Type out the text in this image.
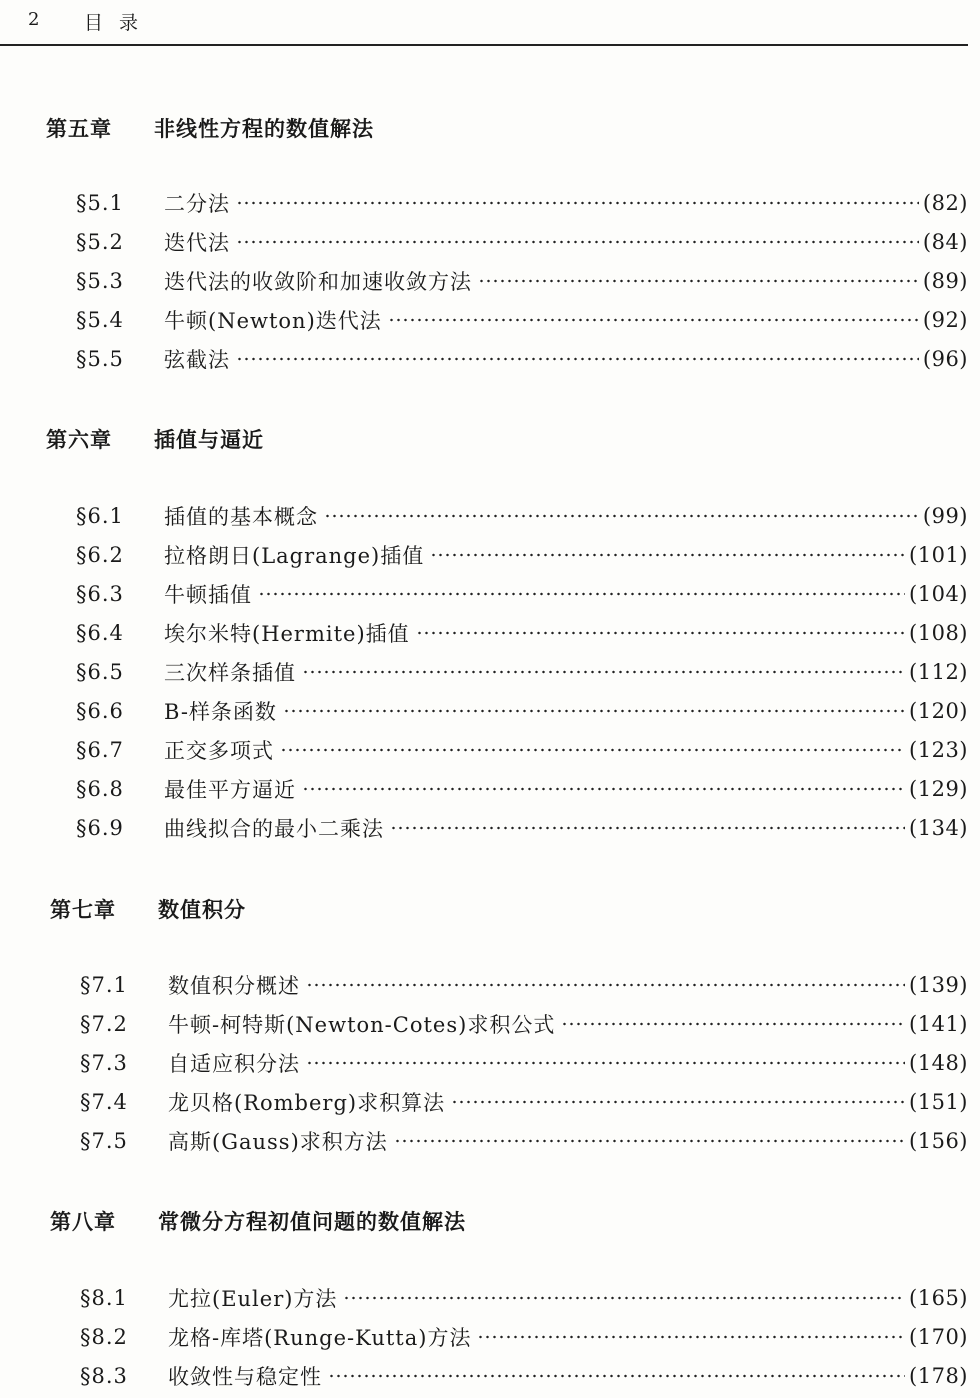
2 目录
第五章 非线性方程的数值解法
§5.1	二分法	(82)
§5.2	迭代法	(84)
§5.3	迭代法的收敛阶和加速收敛方法	(89)
§5.4	牛顿(Newton)迭代法	(92)
§5.5	弦截法	(96)
第六章 插值与逼近
§6.1	插值的基本概念	(99)
§6.2	拉格朗日(Lagrange)插值	(101)
§6.3	牛顿插值	(104)
§6.4	埃尔米特(Hermite)插值	(108)
§6.5	三次样条插值	(112)
§6.6	B-样条函数	(120)
§6.7	正交多项式	(123)
§6.8	最佳平方逼近	(129)
§6.9	曲线拟合的最小二乘法	(134)
第七章 数值积分
§7.1	数值积分概述	(139)
§7.2	牛顿-柯特斯(Newton-Cotes)求积公式	(141)
§7.3	自适应积分法	(148)
§7.4	龙贝格(Romberg)求积算法	(151)
§7.5	高斯(Gauss)求积方法	(156)
第八章 常微分方程初值问题的数值解法
§8.1	尤拉(Euler)方法	(165)
§8.2	龙格-库塔(Runge-Kutta)方法	(170)
§8.3	收敛性与稳定性	(178)
